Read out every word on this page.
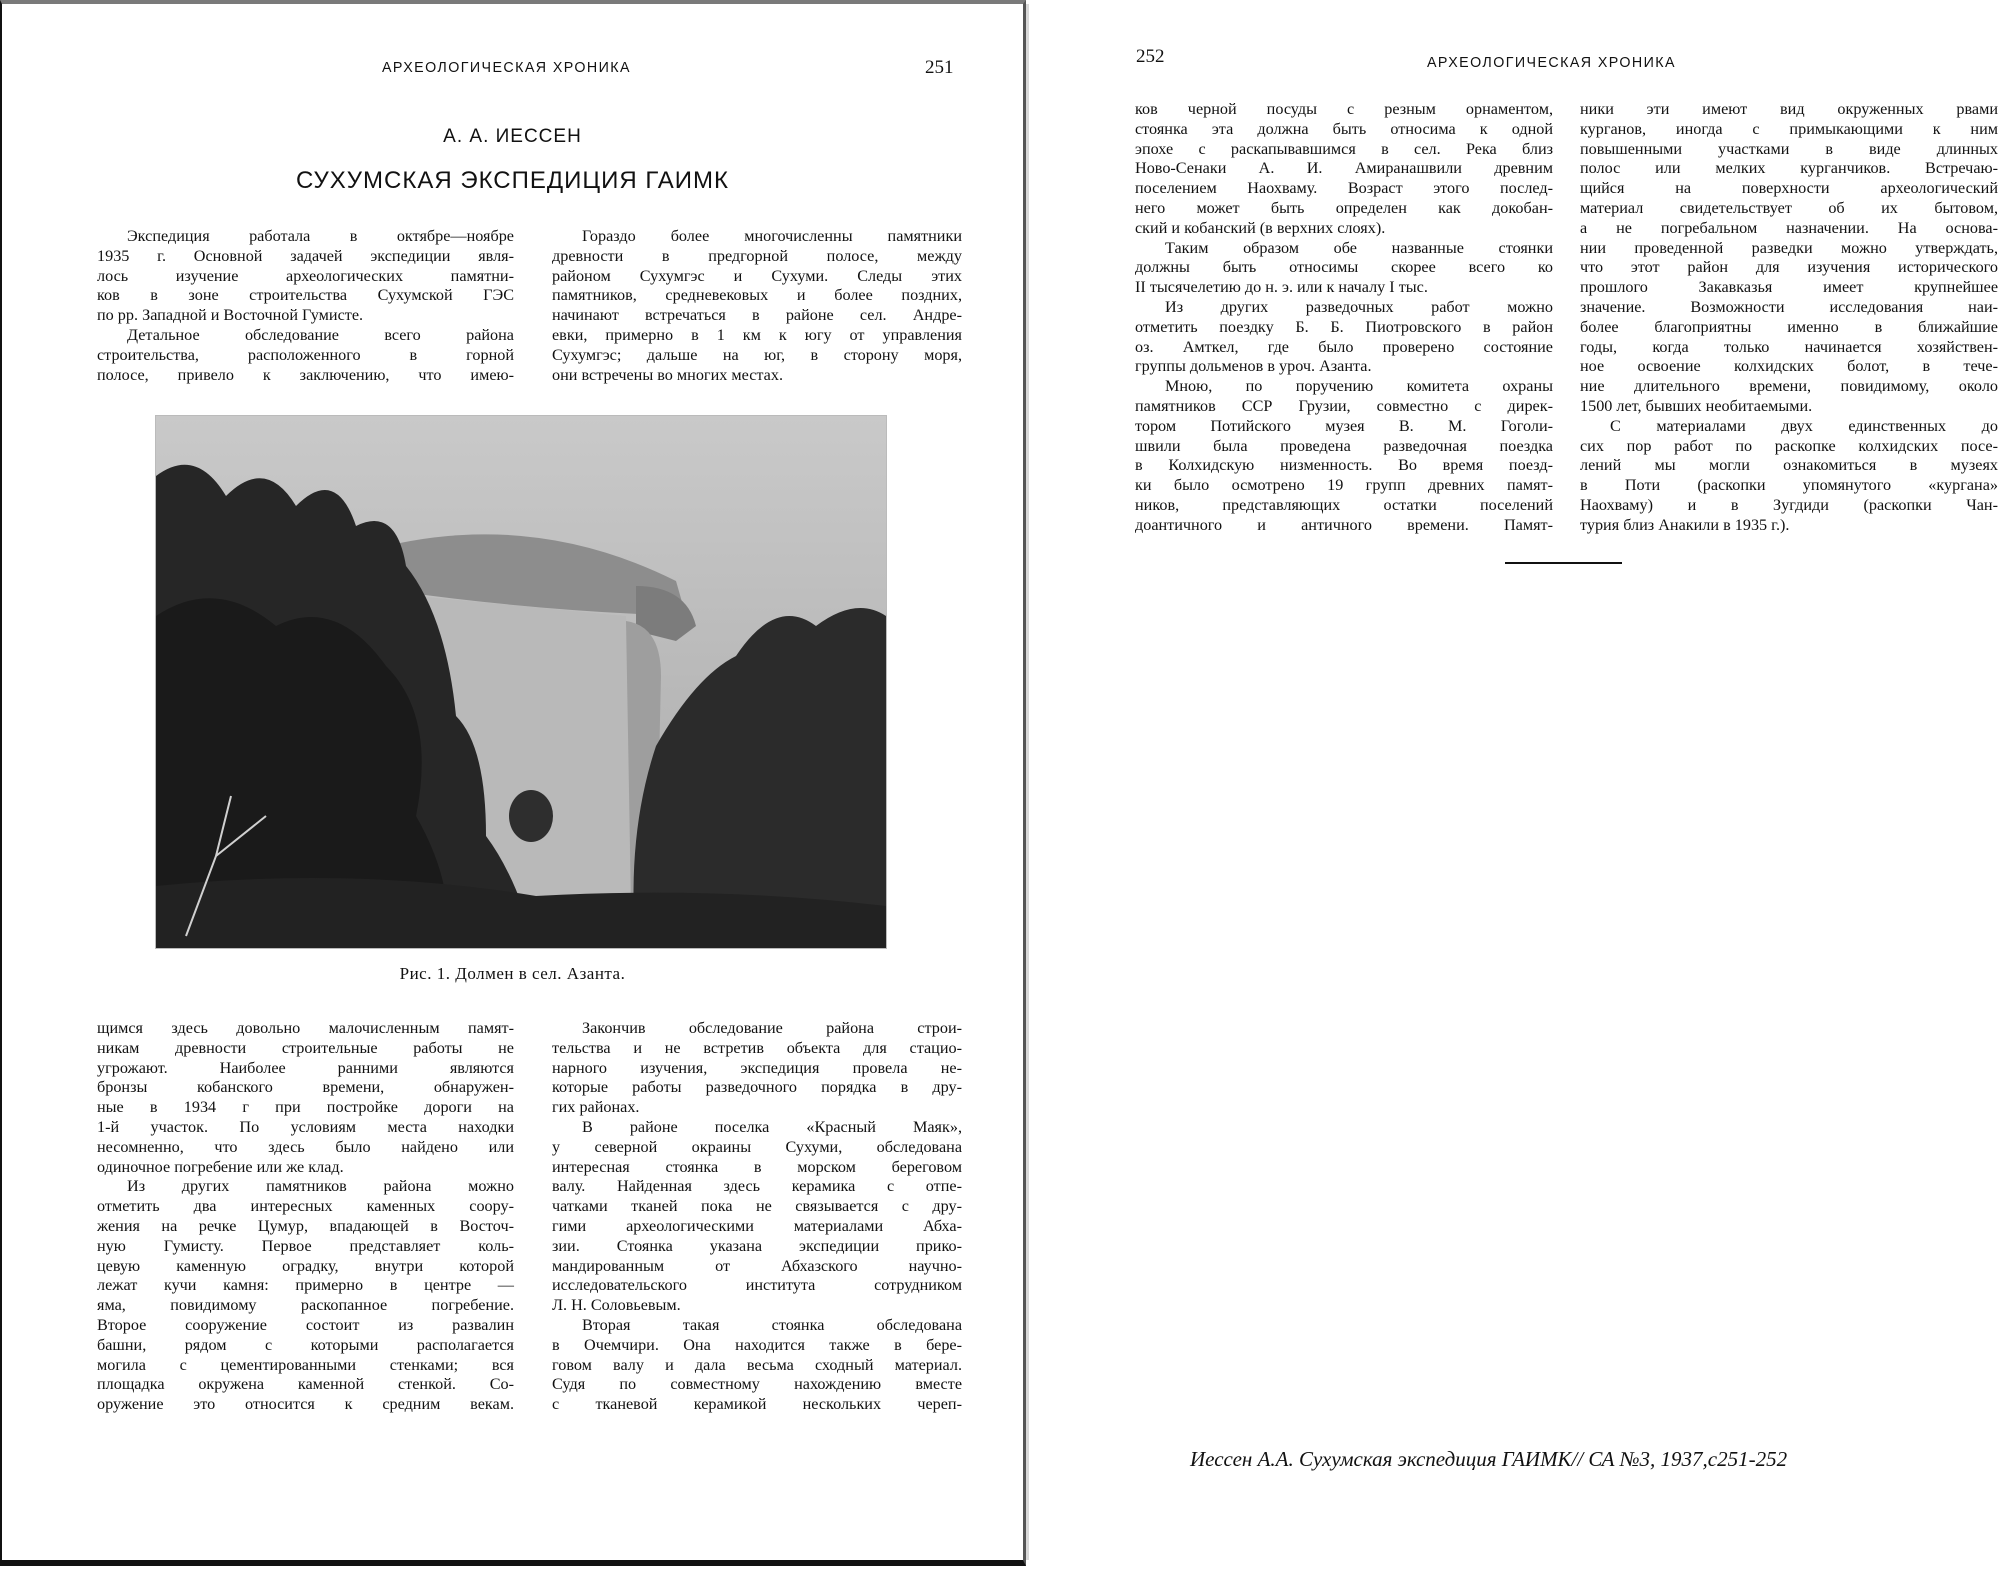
АРХЕОЛОГИЧЕСКАЯ ХРОНИКА	251
А. А. ИЕССЕН
СУХУМСКАЯ ЭКСПЕДИЦИЯ ГАИМК
Экспедиция работала в октябре—ноябре
1935 г. Основной задачей экспедиции явля-
лось изучение археологических памятни-
ков в зоне строительства Сухумской ГЭС
по рр. Западной и Восточной Гумисте.
Детальное обследование всего района
строительства, расположенного в горной
полосе, привело к заключению, что имею-
Гораздо более многочисленны памятники
древности в предгорной полосе, между
районом Сухумгэс и Сухуми. Следы этих
памятников, средневековых и более поздних,
начинают встречаться в районе сел. Андре-
евки, примерно в 1 км к югу от управления
Сухумгэс; дальше на юг, в сторону моря,
они встречены во многих местах.
Рис. 1. Долмен в сел. Азанта.
щимся здесь довольно малочисленным памят-
никам древности строительные работы не
угрожают. Наиболее ранними являются
бронзы кобанского времени, обнаружен-
ные в 1934 г при постройке дороги на
1-й участок. По условиям места находки
несомненно, что здесь было найдено или
одиночное погребение или же клад.
Из других памятников района можно
отметить два интересных каменных соору-
жения на речке Цумур, впадающей в Восточ-
ную Гумисту. Первое представляет коль-
цевую каменную оградку, внутри которой
лежат кучи камня: примерно в центре —
яма, повидимому раскопанное погребение.
Второе сооружение состоит из развалин
башни, рядом с которыми располагается
могила с цементированными стенками; вся
площадка окружена каменной стенкой. Со-
оружение это относится к средним векам.
Закончив обследование района строи-
тельства и не встретив объекта для стацио-
нарного изучения, экспедиция провела не-
которые работы разведочного порядка в дру-
гих районах.
В районе поселка «Красный Маяк»,
у северной окраины Сухуми, обследована
интересная стоянка в морском береговом
валу. Найденная здесь керамика с отпе-
чатками тканей пока не связывается с дру-
гими археологическими материалами Абха-
зии. Стоянка указана экспедиции прико-
мандированным от Абхазского научно-
исследовательского института сотрудником
Л. Н. Соловьевым.
Вторая такая стоянка обследована
в Очемчири. Она находится также в бере-
говом валу и дала весьма сходный материал.
Судя по совместному нахождению вместе
с тканевой керамикой нескольких череп-
252	АРХЕОЛОГИЧЕСКАЯ ХРОНИКА
ков черной посуды с резным орнаментом,
стоянка эта должна быть относима к одной
эпохе с раскапывавшимся в сел. Река близ
Ново-Сенаки А. И. Амиранашвили древним
поселением Наохваму. Возраст этого послед-
него может быть определен как докобан-
ский и кобанский (в верхних слоях).
Таким образом обе названные стоянки
должны быть относимы скорее всего ко
II тысячелетию до н. э. или к началу I тыс.
Из других разведочных работ можно
отметить поездку Б. Б. Пиотровского в район
оз. Амткел, где было проверено состояние
группы дольменов в уроч. Азанта.
Мною, по поручению комитета охраны
памятников ССР Грузии, совместно с дирек-
тором Потийского музея В. М. Гоголи-
швили была проведена разведочная поездка
в Колхидскую низменность. Во время поезд-
ки было осмотрено 19 групп древних памят-
ников, представляющих остатки поселений
доантичного и античного времени. Памят-
ники эти имеют вид окруженных рвами
курганов, иногда с примыкающими к ним
повышенными участками в виде длинных
полос или мелких курганчиков. Встречаю-
щийся на поверхности археологический
материал свидетельствует об их бытовом,
а не погребальном назначении. На основа-
нии проведенной разведки можно утверждать,
что этот район для изучения исторического
прошлого Закавказья имеет крупнейшее
значение. Возможности исследования наи-
более благоприятны именно в ближайшие
годы, когда только начинается хозяйствен-
ное освоение колхидских болот, в тече-
ние длительного времени, повидимому, около
1500 лет, бывших необитаемыми.
С материалами двух единственных до
сих пор работ по раскопке колхидских посе-
лений мы могли ознакомиться в музеях
в Поти (раскопки упомянутого «кургана»
Наохваму) и в Зугдиди (раскопки Чан-
турия близ Анакили в 1935 г.).
Иессен А.А. Сухумская экспедиция ГАИМК// СА №3, 1937,с251-252
